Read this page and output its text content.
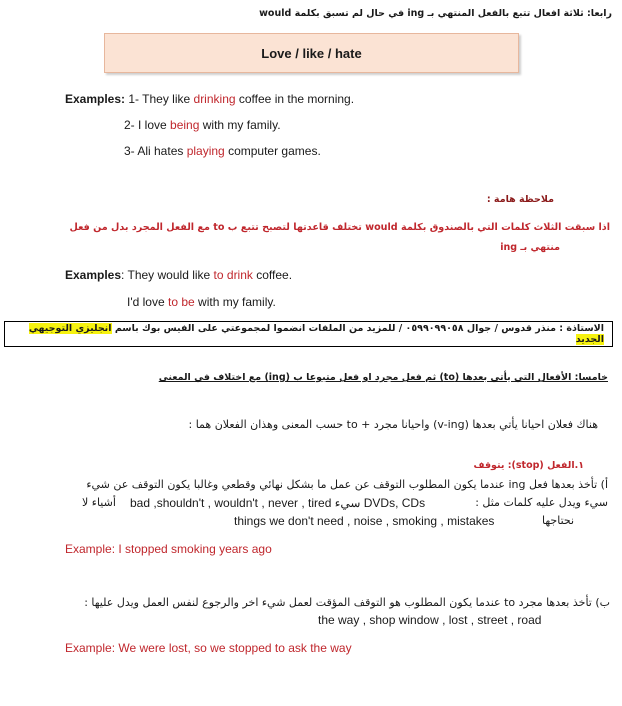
رابعا: ثلاثة افعال تتبع بالفعل المنتهي بـ ing في حال لم تسبق بكلمة would
Love / like / hate
Examples: 1- They like drinking coffee in the morning.
2- I love being with my family.
3- Ali hates playing computer games.
ملاحظة هامة :
اذا سبقت الثلاث كلمات التي بالصندوق بكلمة would تختلف قاعدتها لتصبح تتبع ب to مع الفعل المجرد بدل من فعل
منتهي بـ ing
Examples: They would like to drink coffee.
I'd love to be with my family.
الاستاذة : منذر قدوس / جوال ٠٥٩٩٠٩٩٠٥٨ / للمزيد من الملفات انضموا لمجموعتي على الفيس بوك باسم انجليزي التوجيهي الجديد
خامسا: الأفعال التي يأتي بعدها (to) ثم فعل مجرد او فعل متبوعا ب (ing) مع اختلاف في المعنى
هناك فعلان احيانا يأتي بعدها (v-ing) واحيانا مجرد + to حسب المعنى وهذان الفعلان هما :
١.الفعل (stop): يتوقف
أ) تأخذ بعدها فعل ing عندما يكون المطلوب التوقف عن عمل ما بشكل نهائي وقطعي وغالبا يكون التوقف عن شيء
سيء ويدل عليه كلمات مثل :
bad ,shouldn't , wouldn't , never , tired سيء DVDs, CDs
أشياء لا
things we don't need , noise , smoking , mistakes	نحتاجها
Example: I stopped smoking years ago
ب) تأخذ بعدها مجرد to عندما يكون المطلوب هو التوقف المؤقت لعمل شيء اخر والرجوع لنفس العمل ويدل عليها :
the way , shop window , lost , street , road
Example: We were lost, so we stopped to ask the way
